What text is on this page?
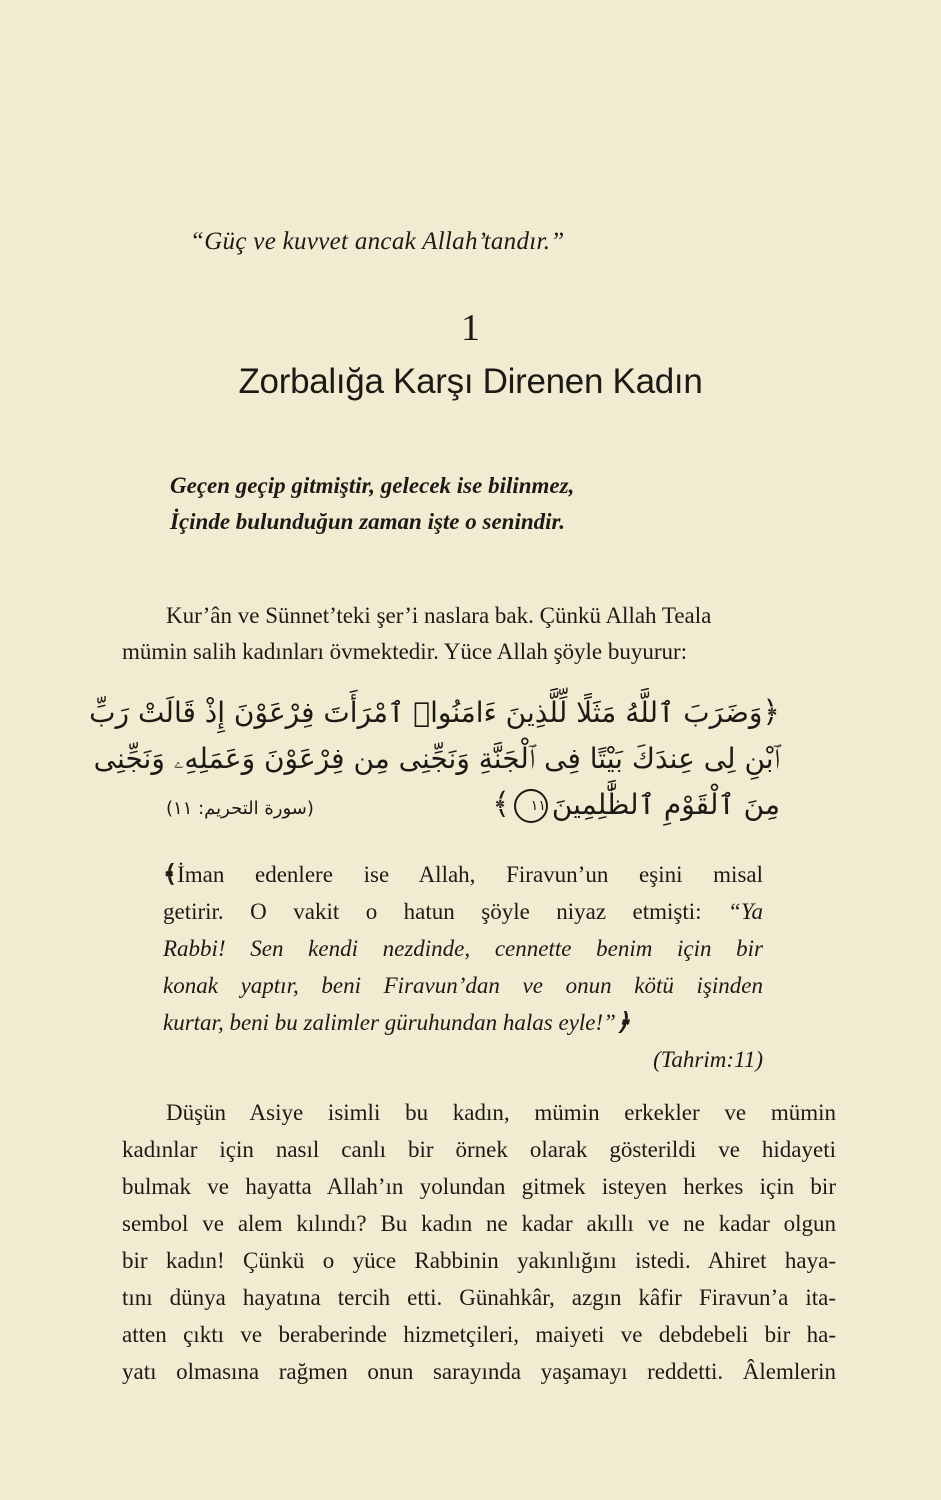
“Güç ve kuvvet ancak Allah’tandır.”
1
Zorbalığa Karşı Direnen Kadın
Geçen geçip gitmiştir, gelecek ise bilinmez,
İçinde bulunduğun zaman işte o senindir.
Kur’ân ve Sünnet’teki şer’i naslara bak. Çünkü Allah Teala
mümin salih kadınları övmektedir. Yüce Allah şöyle buyurur:
﴿وَضَرَبَ ٱللَّهُ مَثَلًا لِّلَّذِينَ ءَامَنُوا۟ ٱمْرَأَتَ فِرْعَوْنَ إِذْ قَالَتْ رَبِّ
ٱبْنِ لِى عِندَكَ بَيْتًا فِى ٱلْجَنَّةِ وَنَجِّنِى مِن فِرْعَوْنَ وَعَمَلِهِۦ وَنَجِّنِى
مِنَ ٱلْقَوْمِ ٱلظَّٰلِمِينَ١١﴾
(سورة التحريم: ١١)
﴾İman edenlere ise Allah, Firavun’un eşini misal
getirir. O vakit o hatun şöyle niyaz etmişti: “Ya
Rabbi! Sen kendi nezdinde, cennette benim için bir
konak yaptır, beni Firavun’dan ve onun kötü işinden
kurtar, beni bu zalimler güruhundan halas eyle!”﴿
(Tahrim:11)
Düşün Asiye isimli bu kadın, mümin erkekler ve mümin
kadınlar için nasıl canlı bir örnek olarak gösterildi ve hidayeti
bulmak ve hayatta Allah’ın yolundan gitmek isteyen herkes için bir
sembol ve alem kılındı? Bu kadın ne kadar akıllı ve ne kadar olgun
bir kadın! Çünkü o yüce Rabbinin yakınlığını istedi. Ahiret haya-
tını dünya hayatına tercih etti. Günahkâr, azgın kâfir Firavun’a ita-
atten çıktı ve beraberinde hizmetçileri, maiyeti ve debdebeli bir ha-
yatı olmasına rağmen onun sarayında yaşamayı reddetti. Âlemlerin
